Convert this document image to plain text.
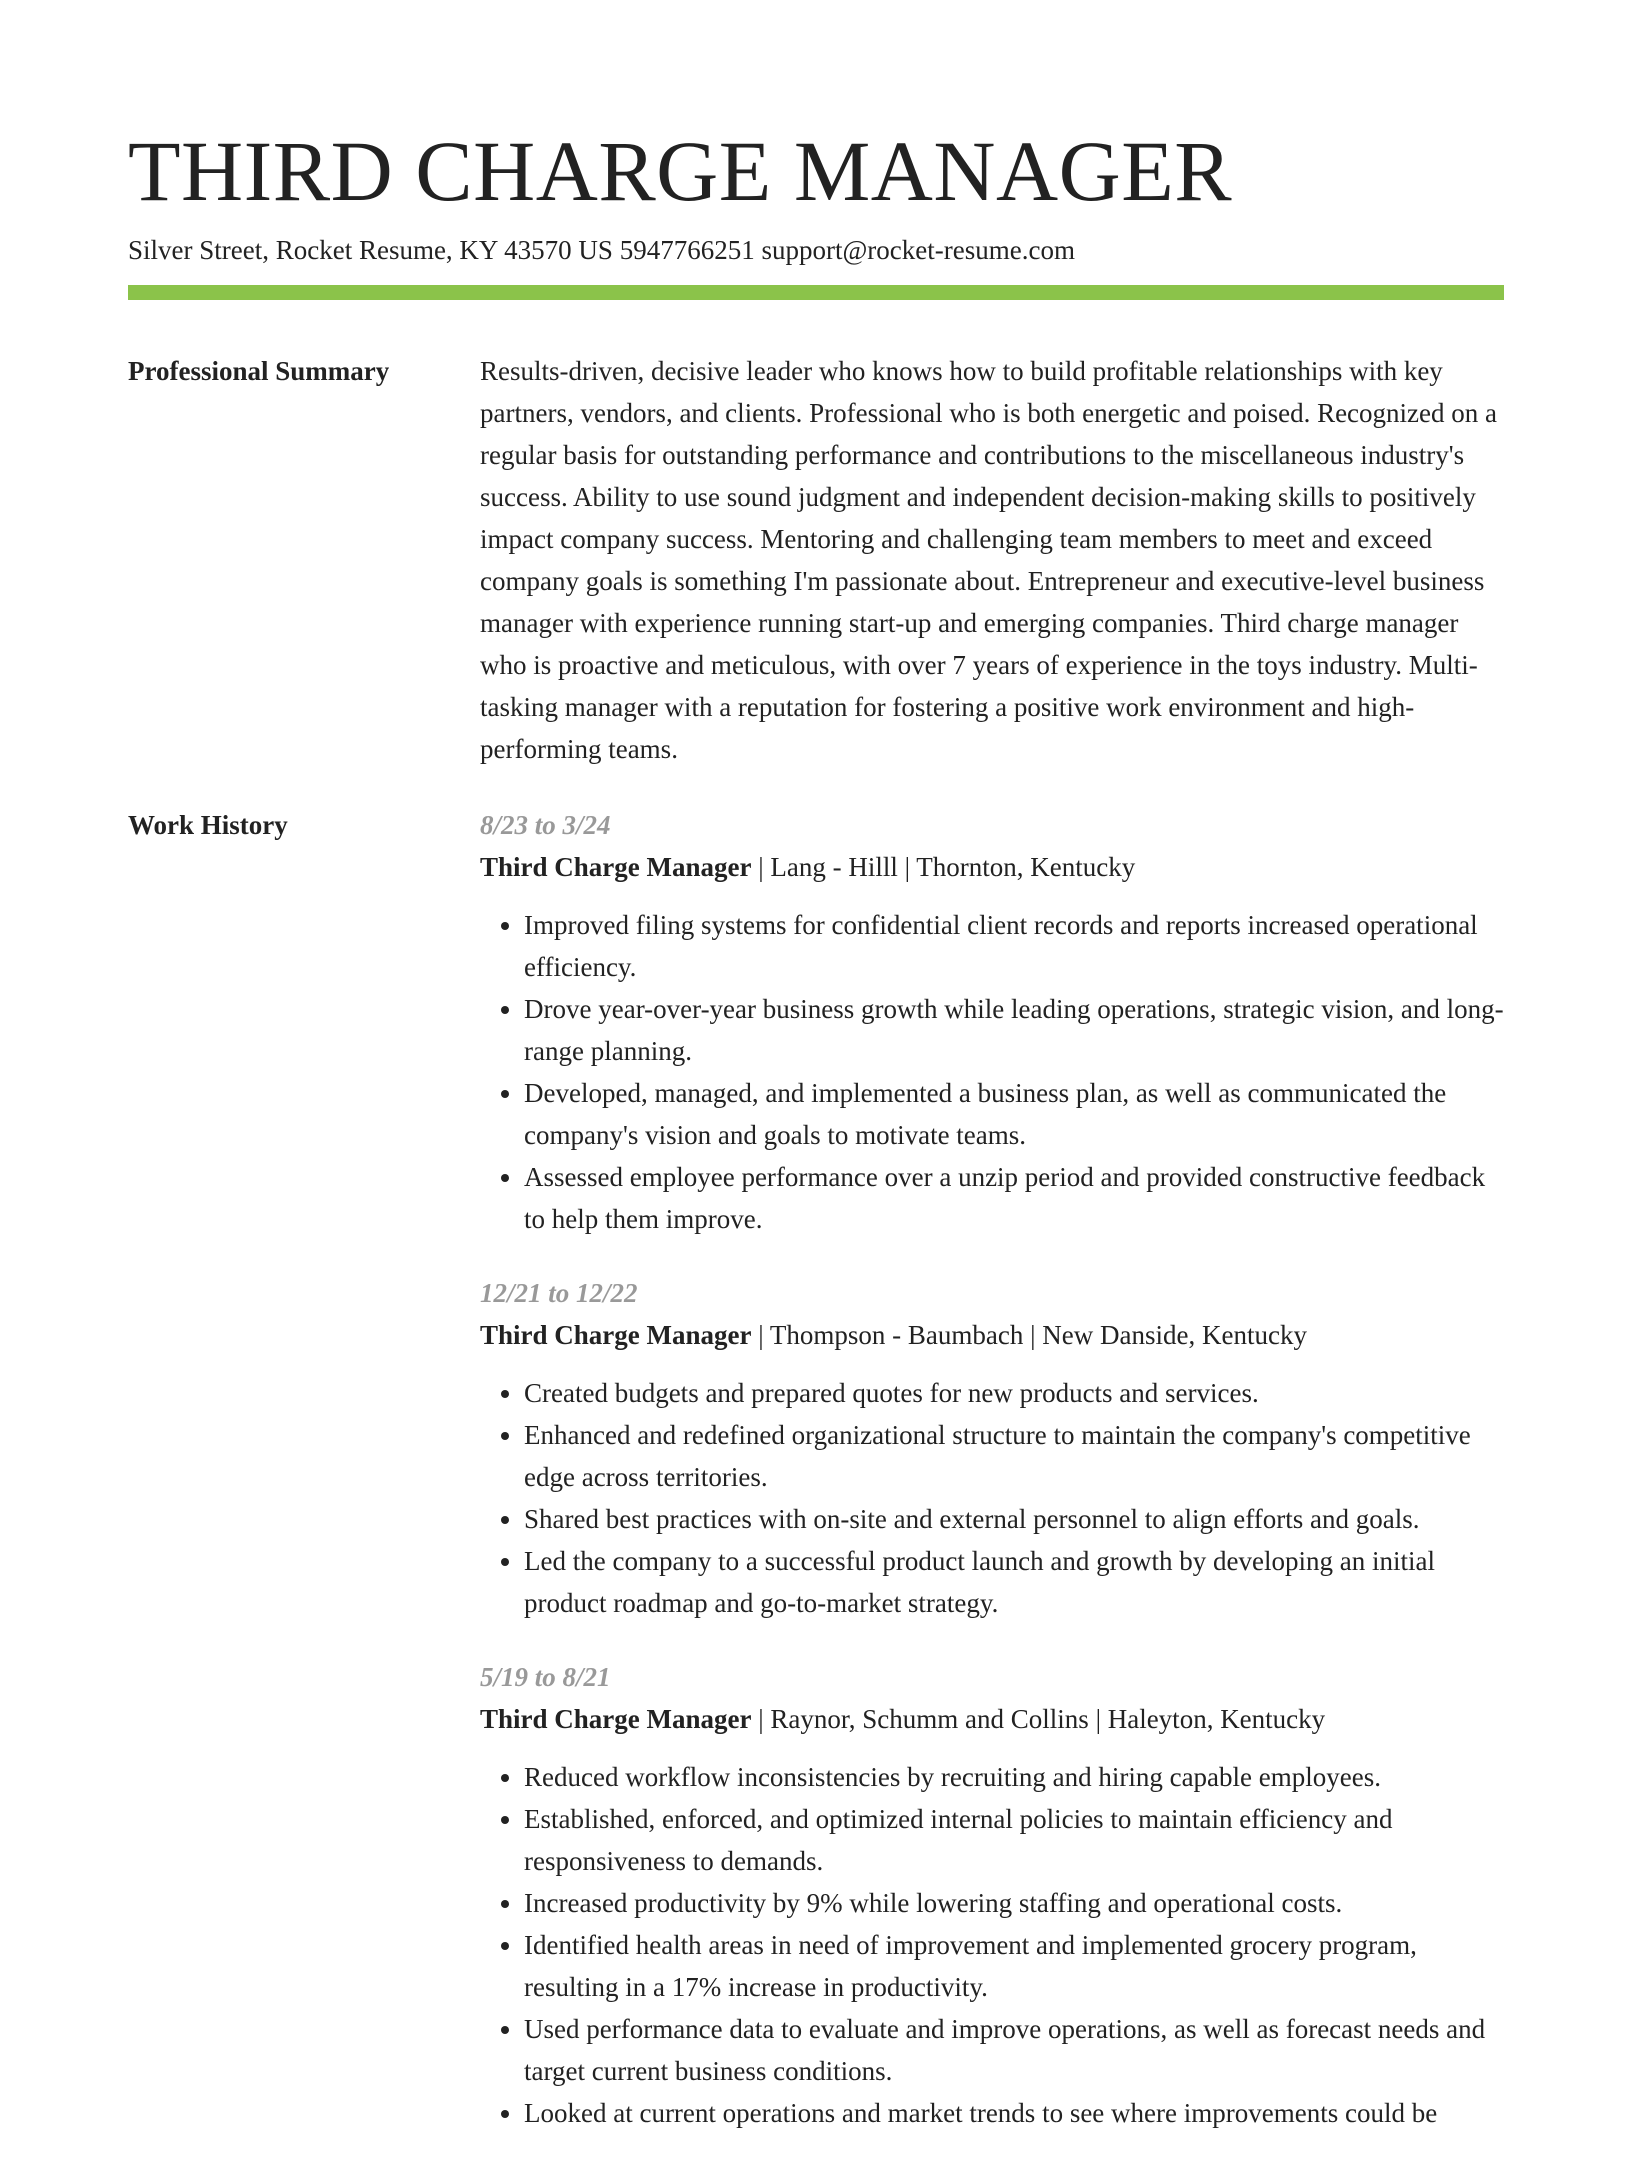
THIRD CHARGE MANAGER
Silver Street, Rocket Resume, KY 43570 US 5947766251 support@rocket-resume.com
Professional Summary	Results-driven, decisive leader who knows how to build profitable relationships with key partners, vendors, and clients. Professional who is both energetic and poised. Recognized on a regular basis for outstanding performance and contributions to the miscellaneous industry's success. Ability to use sound judgment and independent decision-making skills to positively impact company success. Mentoring and challenging team members to meet and exceed company goals is something I'm passionate about. Entrepreneur and executive-level business manager with experience running start-up and emerging companies. Third charge manager who is proactive and meticulous, with over 7 years of experience in the toys industry. Multi-tasking manager with a reputation for fostering a positive work environment and high-performing teams.

Work History	8/23 to 3/24
Third Charge Manager | Lang - Hilll | Thornton, Kentucky
• Improved filing systems for confidential client records and reports increased operational efficiency.
• Drove year-over-year business growth while leading operations, strategic vision, and long-range planning.
• Developed, managed, and implemented a business plan, as well as communicated the company's vision and goals to motivate teams.
• Assessed employee performance over a unzip period and provided constructive feedback to help them improve.
12/21 to 12/22
Third Charge Manager | Thompson - Baumbach | New Danside, Kentucky
• Created budgets and prepared quotes for new products and services.
• Enhanced and redefined organizational structure to maintain the company's competitive edge across territories.
• Shared best practices with on-site and external personnel to align efforts and goals.
• Led the company to a successful product launch and growth by developing an initial product roadmap and go-to-market strategy.
5/19 to 8/21
Third Charge Manager | Raynor, Schumm and Collins | Haleyton, Kentucky
• Reduced workflow inconsistencies by recruiting and hiring capable employees.
• Established, enforced, and optimized internal policies to maintain efficiency and responsiveness to demands.
• Increased productivity by 9% while lowering staffing and operational costs.
• Identified health areas in need of improvement and implemented grocery program, resulting in a 17% increase in productivity.
• Used performance data to evaluate and improve operations, as well as forecast needs and target current business conditions.
• Looked at current operations and market trends to see where improvements could be
